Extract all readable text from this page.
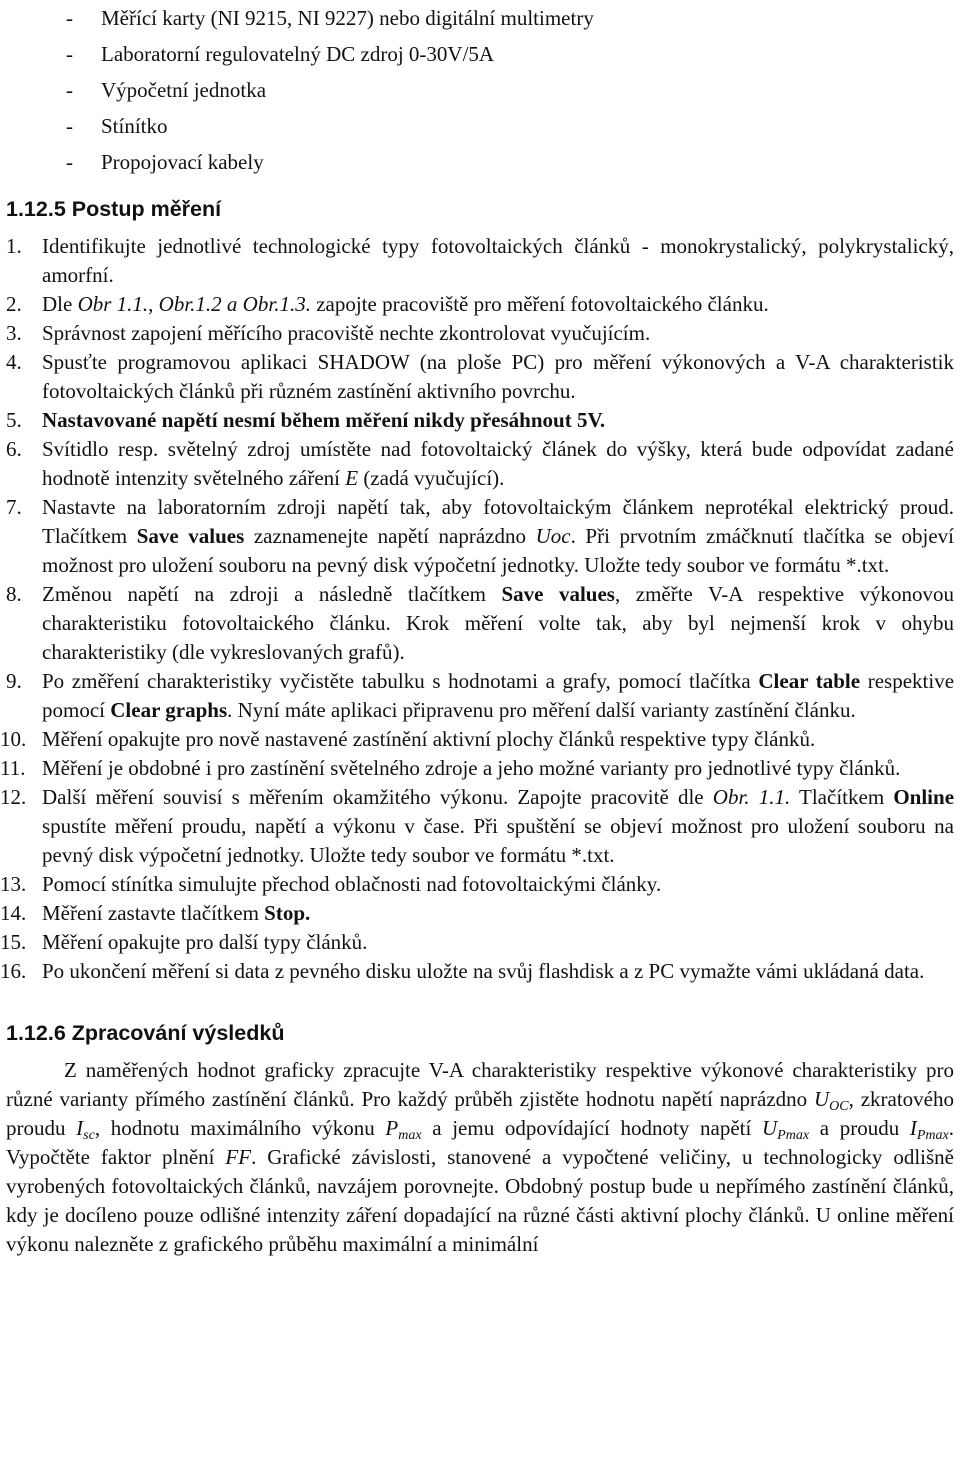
- Měřící karty (NI 9215, NI 9227) nebo digitální multimetry
- Laboratorní regulovatelný DC zdroj 0-30V/5A
- Výpočetní jednotka
- Stínítko
- Propojovací kabely
1.12.5 Postup měření
1. Identifikujte jednotlivé technologické typy fotovoltaických článků - monokrystalický, polykrystalický, amorfní.
2. Dle Obr 1.1., Obr.1.2 a Obr.1.3. zapojte pracoviště pro měření fotovoltaického článku.
3. Správnost zapojení měřícího pracoviště nechte zkontrolovat vyučujícím.
4. Spusťte programovou aplikaci SHADOW (na ploše PC) pro měření výkonových a V-A charakteristik fotovoltaických článků při různém zastínění aktivního povrchu.
5. Nastavované napětí nesmí během měření nikdy přesáhnout 5V.
6. Svítidlo resp. světelný zdroj umístěte nad fotovoltaický článek do výšky, která bude odpovídat zadané hodnotě intenzity světelného záření E (zadá vyučující).
7. Nastavte na laboratorním zdroji napětí tak, aby fotovoltaickým článkem neprotékal elektrický proud. Tlačítkem Save values zaznamenejte napětí naprázdno Uoc. Při prvotním zmáčknutí tlačítka se objeví možnost pro uložení souboru na pevný disk výpočetní jednotky. Uložte tedy soubor ve formátu *.txt.
8. Změnou napětí na zdroji a následně tlačítkem Save values, změřte V-A respektive výkonovou charakteristiku fotovoltaického článku. Krok měření volte tak, aby byl nejmenší krok v ohybu charakteristiky (dle vykreslovaných grafů).
9. Po změření charakteristiky vyčistěte tabulku s hodnotami a grafy, pomocí tlačítka Clear table respektive pomocí Clear graphs. Nyní máte aplikaci připravenu pro měření další varianty zastínění článku.
10. Měření opakujte pro nově nastavené zastínění aktivní plochy článků respektive typy článků.
11. Měření je obdobné i pro zastínění světelného zdroje a jeho možné varianty pro jednotlivé typy článků.
12. Další měření souvisí s měřením okamžitého výkonu. Zapojte pracovitě dle Obr. 1.1. Tlačítkem Online spustíte měření proudu, napětí a výkonu v čase. Při spuštění se objeví možnost pro uložení souboru na pevný disk výpočetní jednotky. Uložte tedy soubor ve formátu *.txt.
13. Pomocí stínítka simulujte přechod oblačnosti nad fotovoltaickými články.
14. Měření zastavte tlačítkem Stop.
15. Měření opakujte pro další typy článků.
16. Po ukončení měření si data z pevného disku uložte na svůj flashdisk a z PC vymažte vámi ukládaná data.
1.12.6 Zpracování výsledků

Z naměřených hodnot graficky zpracujte V-A charakteristiky respektive výkonové charakteristiky pro různé varianty přímého zastínění článků. Pro každý průběh zjistěte hodnotu napětí naprázdno $U_{OC}$, zkratového proudu $I_{sc}$, hodnotu maximálního výkonu $P_{max}$ a jemu odpovídající hodnoty napětí $U_{Pmax}$ a proudu $I_{Pmax}$. Vypočtěte faktor plnění FF. Grafické závislosti, stanovené a vypočtené veličiny, u technologicky odlišně vyrobených fotovoltaických článků, navzájem porovnejte. Obdobný postup bude u nepřímého zastínění článků, kdy je docíleno pouze odlišné intenzity záření dopadající na různé části aktivní plochy článků. U online měření výkonu nalezněte z grafického průběhu maximální a minimální
